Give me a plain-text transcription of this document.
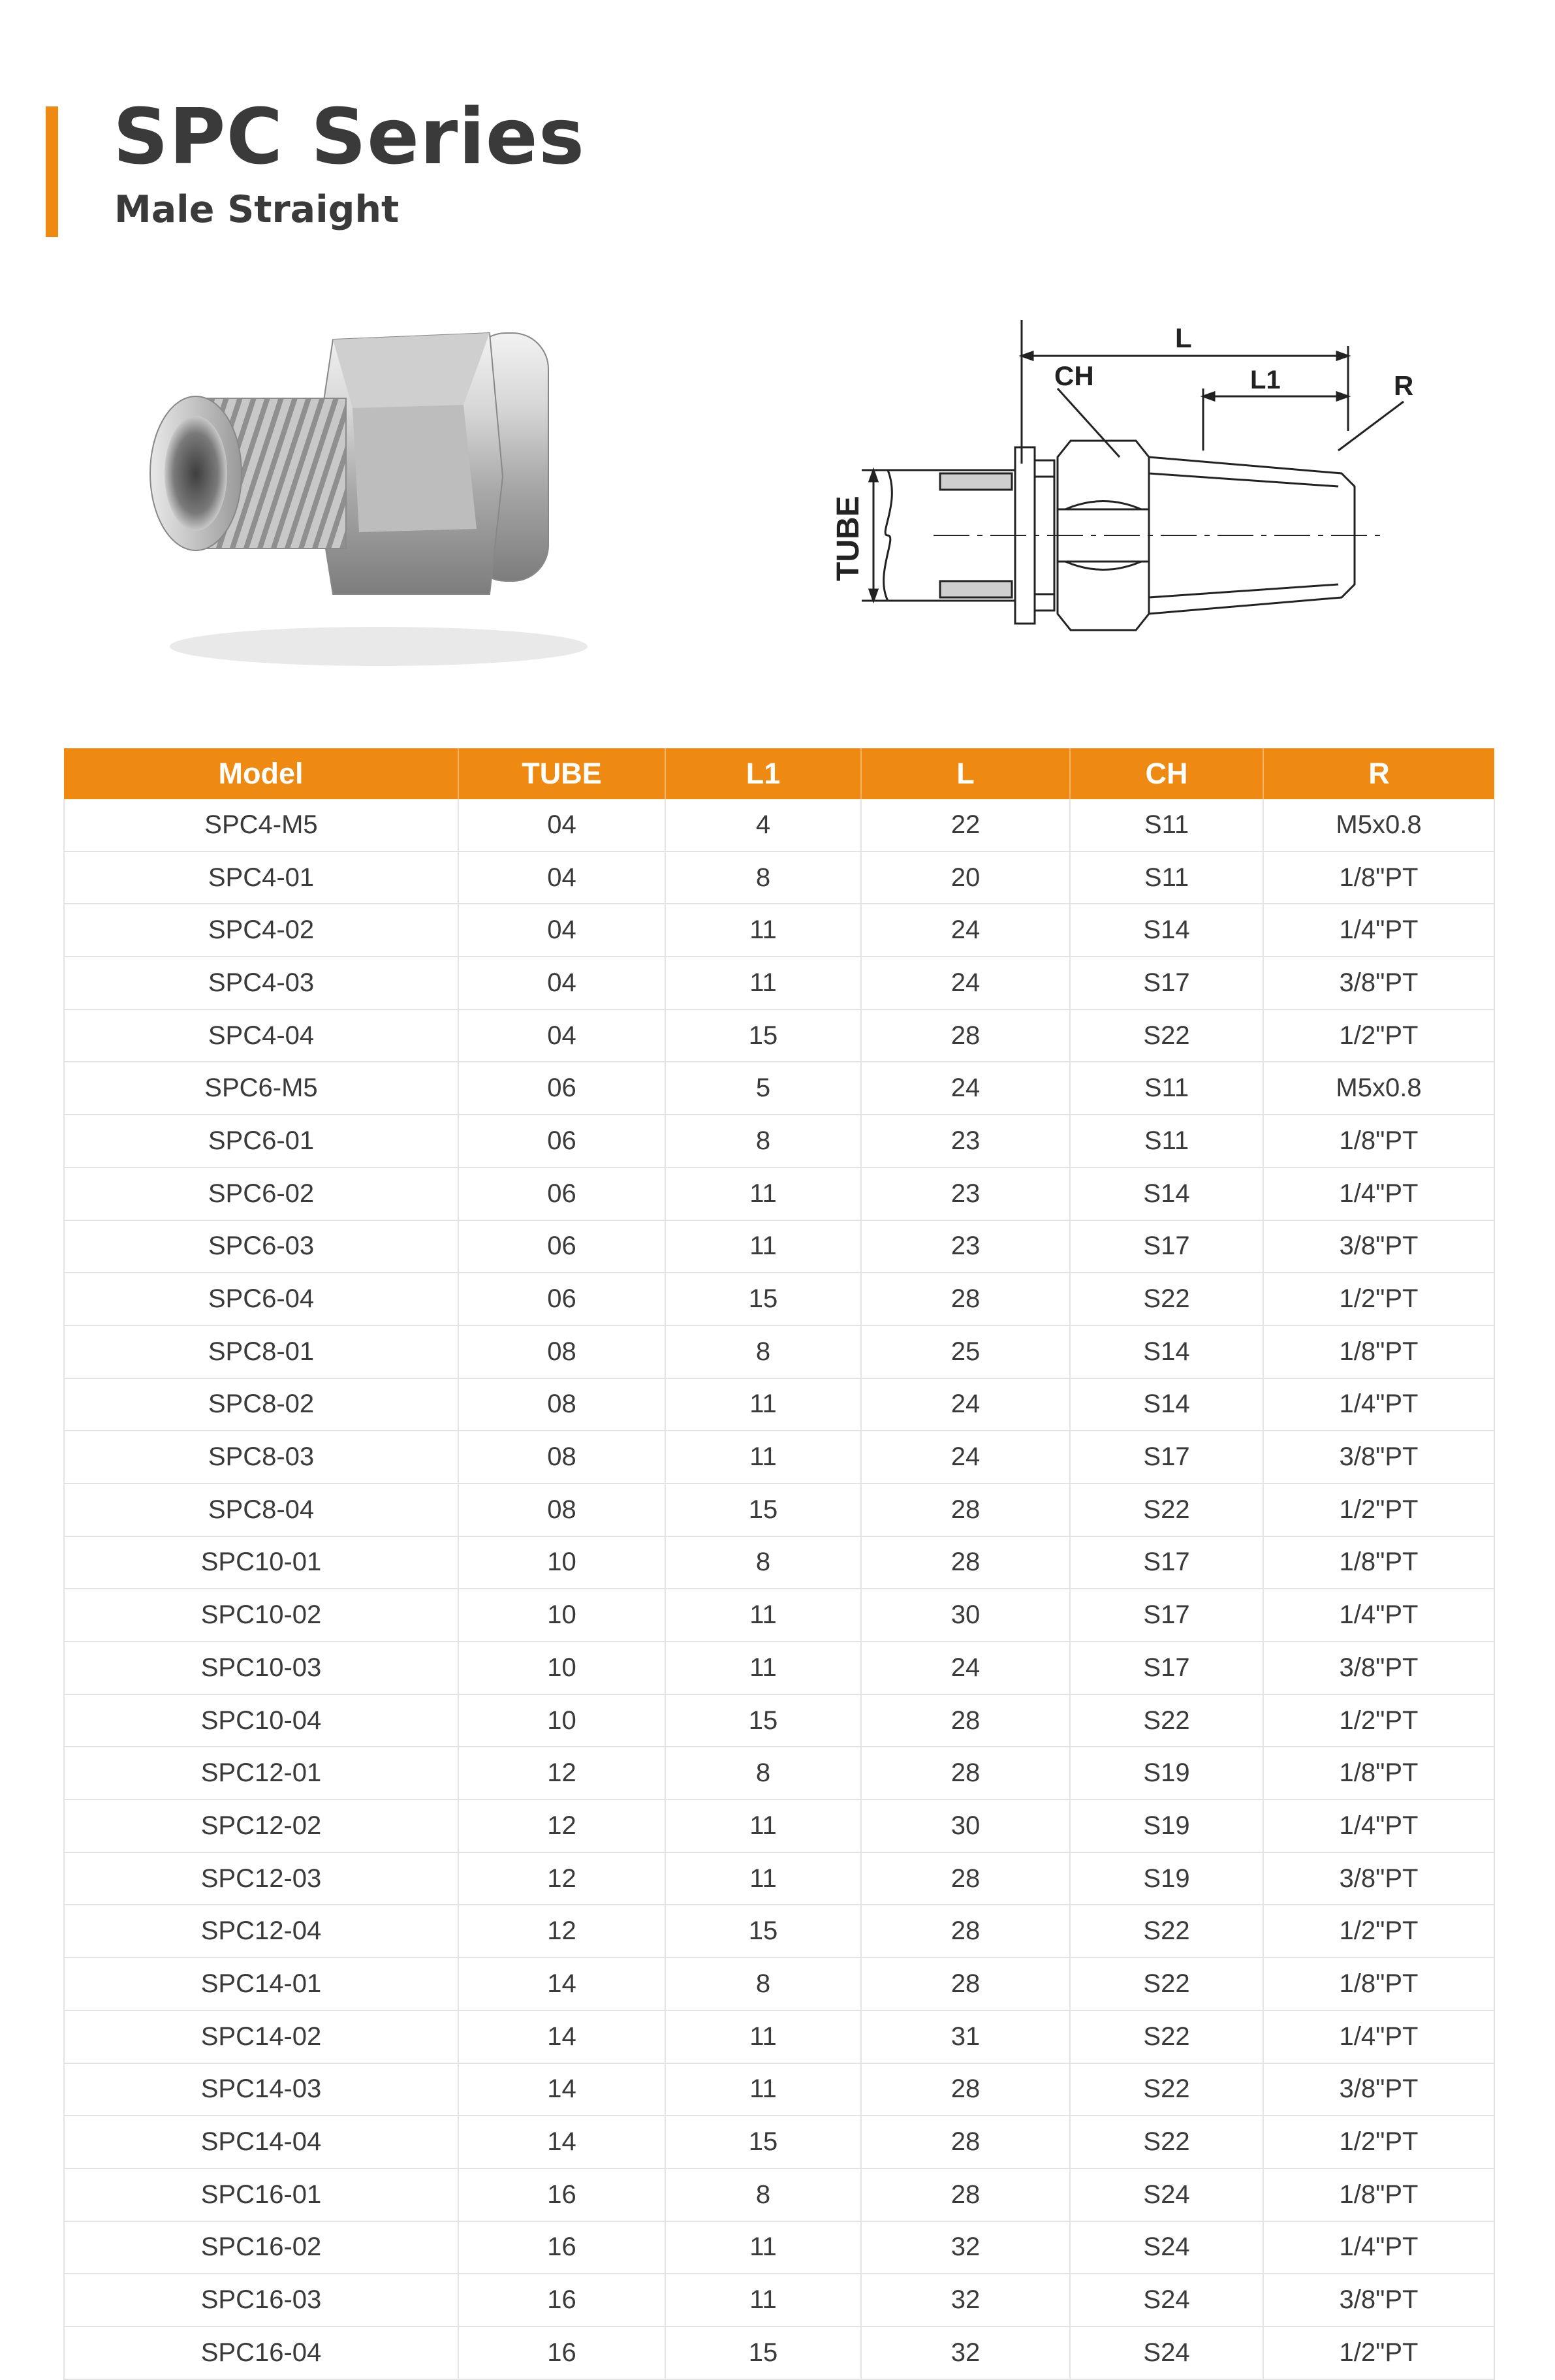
SPC Series
Male Straight
L
CH	L1	R
TUBE
Model	TUBE	L1	L	CH	R
SPC4-M5	04	4	22	S11	M5x0.8
SPC4-01	04	8	20	S11	1/8"PT
SPC4-02	04	11	24	S14	1/4"PT
SPC4-03	04	11	24	S17	3/8"PT
SPC4-04	04	15	28	S22	1/2"PT
SPC6-M5	06	5	24	S11	M5x0.8
SPC6-01	06	8	23	S11	1/8"PT
SPC6-02	06	11	23	S14	1/4"PT
SPC6-03	06	11	23	S17	3/8"PT
SPC6-04	06	15	28	S22	1/2"PT
SPC8-01	08	8	25	S14	1/8"PT
SPC8-02	08	11	24	S14	1/4"PT
SPC8-03	08	11	24	S17	3/8"PT
SPC8-04	08	15	28	S22	1/2"PT
SPC10-01	10	8	28	S17	1/8"PT
SPC10-02	10	11	30	S17	1/4"PT
SPC10-03	10	11	24	S17	3/8"PT
SPC10-04	10	15	28	S22	1/2"PT
SPC12-01	12	8	28	S19	1/8"PT
SPC12-02	12	11	30	S19	1/4"PT
SPC12-03	12	11	28	S19	3/8"PT
SPC12-04	12	15	28	S22	1/2"PT
SPC14-01	14	8	28	S22	1/8"PT
SPC14-02	14	11	31	S22	1/4"PT
SPC14-03	14	11	28	S22	3/8"PT
SPC14-04	14	15	28	S22	1/2"PT
SPC16-01	16	8	28	S24	1/8"PT
SPC16-02	16	11	32	S24	1/4"PT
SPC16-03	16	11	32	S24	3/8"PT
SPC16-04	16	15	32	S24	1/2"PT
